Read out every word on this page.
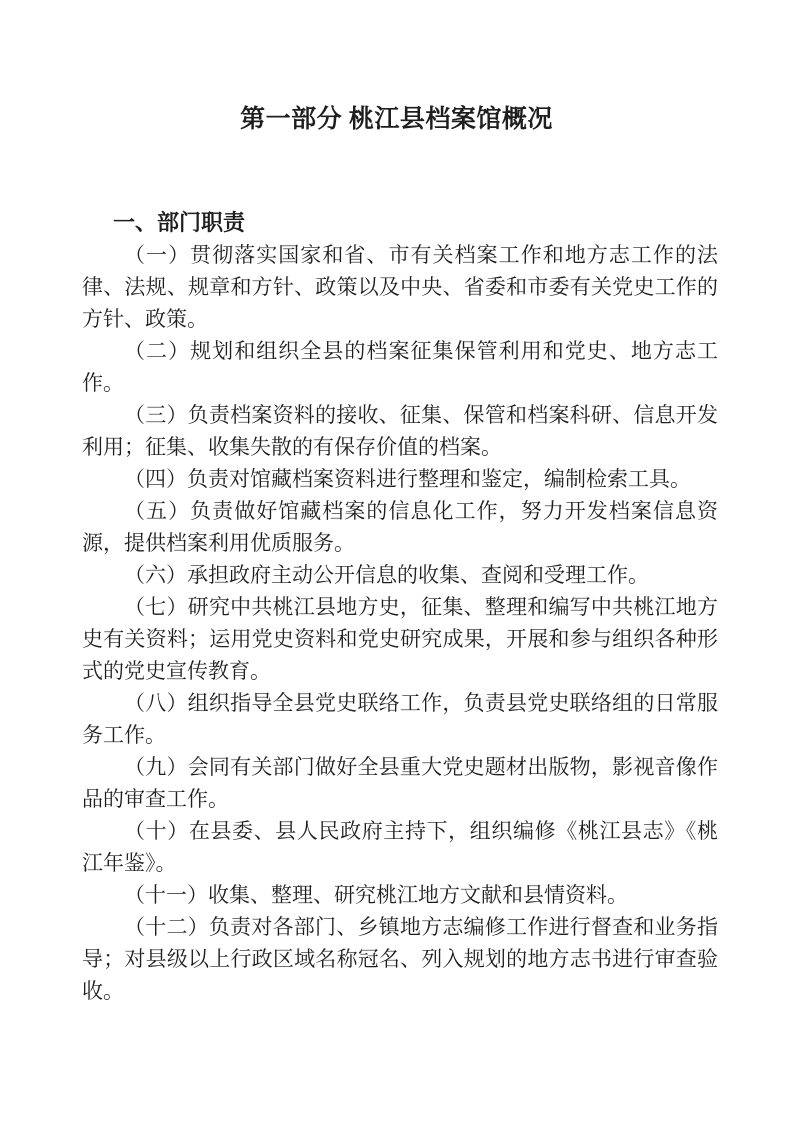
第一部分 桃江县档案馆概况
一、部门职责

（一）贯彻落实国家和省、市有关档案工作和地方志工作的法律、法规、规章和方针、政策以及中央、省委和市委有关党史工作的方针、政策。

（二）规划和组织全县的档案征集保管利用和党史、地方志工作。

（三）负责档案资料的接收、征集、保管和档案科研、信息开发利用；征集、收集失散的有保存价值的档案。

（四）负责对馆藏档案资料进行整理和鉴定，编制检索工具。

（五）负责做好馆藏档案的信息化工作，努力开发档案信息资源，提供档案利用优质服务。

（六）承担政府主动公开信息的收集、查阅和受理工作。

（七）研究中共桃江县地方史，征集、整理和编写中共桃江地方史有关资料；运用党史资料和党史研究成果，开展和参与组织各种形式的党史宣传教育。

（八）组织指导全县党史联络工作，负责县党史联络组的日常服务工作。

（九）会同有关部门做好全县重大党史题材出版物，影视音像作品的审查工作。

（十）在县委、县人民政府主持下，组织编修《桃江县志》《桃江年鉴》。

（十一）收集、整理、研究桃江地方文献和县情资料。

（十二）负责对各部门、乡镇地方志编修工作进行督查和业务指导；对县级以上行政区域名称冠名、列入规划的地方志书进行审查验收。
